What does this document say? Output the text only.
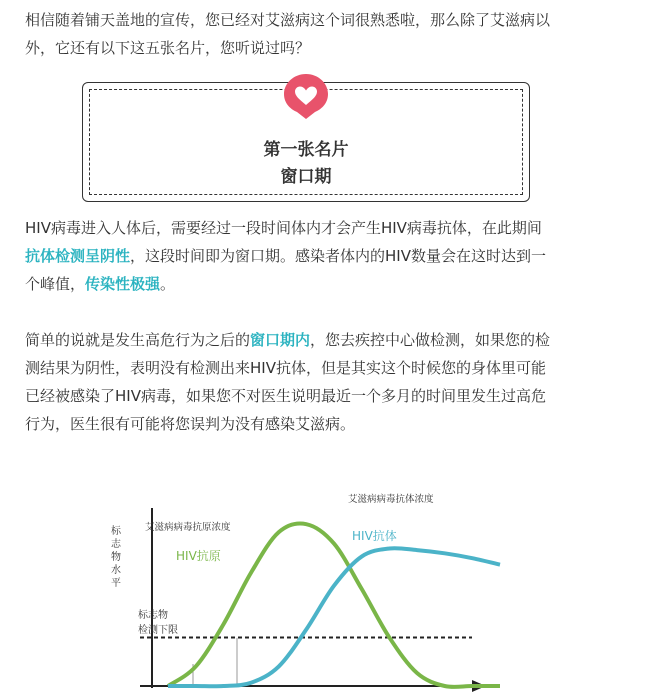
相信随着铺天盖地的宣传，您已经对艾滋病这个词很熟悉啦，那么除了艾滋病以
外，它还有以下这五张名片，您听说过吗？
第一张名片
窗口期
HIV病毒进入人体后，需要经过一段时间体内才会产生HIV病毒抗体，在此期间
抗体检测呈阴性，这段时间即为窗口期。感染者体内的HIV数量会在这时达到一
个峰值，传染性极强。
简单的说就是发生高危行为之后的窗口期内，您去疾控中心做检测，如果您的检
测结果为阴性，表明没有检测出来HIV抗体，但是其实这个时候您的身体里可能
已经被感染了HIV病毒，如果您不对医生说明最近一个多月的时间里发生过高危
行为，医生很有可能将您误判为没有感染艾滋病。
标志物水平
标志物
检测下限
艾滋病病毒抗原浓度
艾滋病病毒抗体浓度
HIV抗原
HIV抗体
